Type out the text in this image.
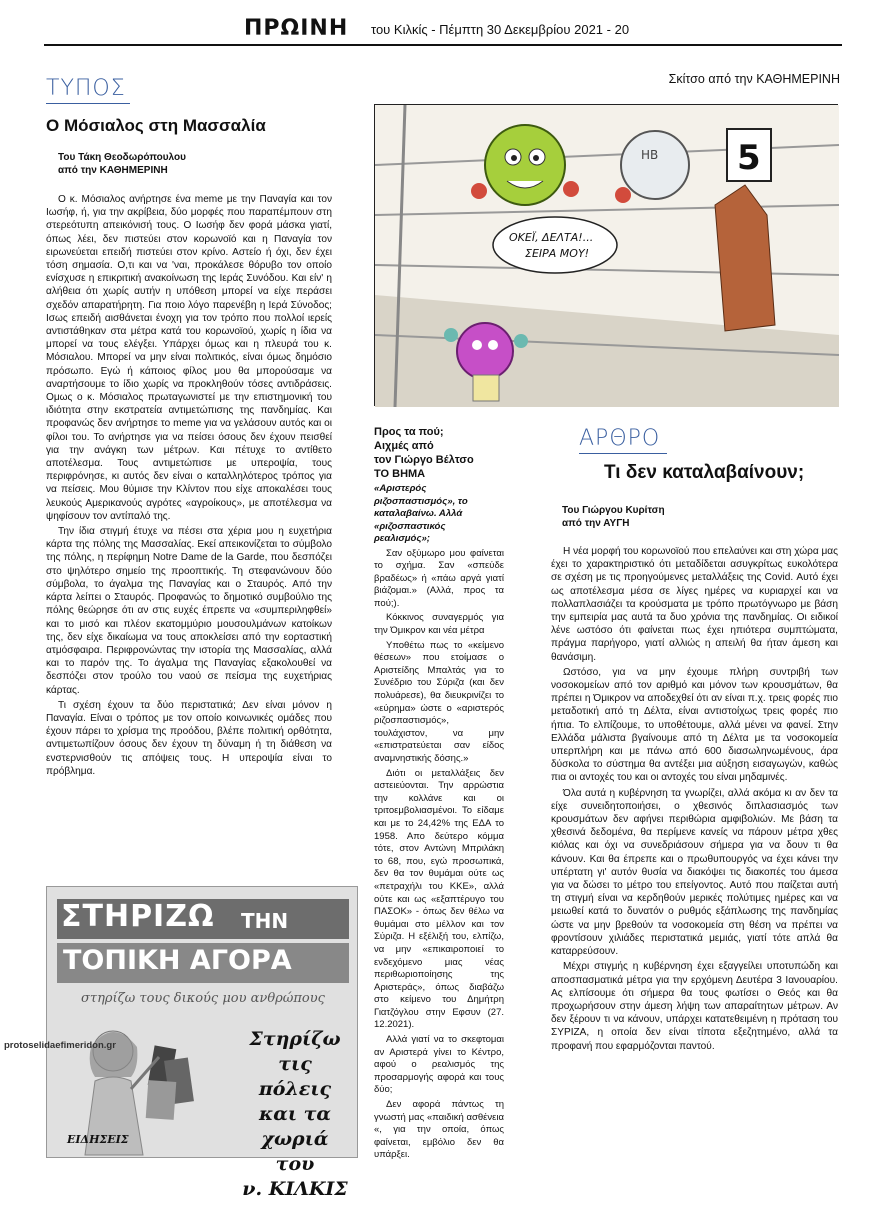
ΠΡΩΙΝΗ του Κιλκίς - Πέμπτη 30 Δεκεμβρίου 2021 - 20
ΤΥΠΟΣ
Ο Μόσιαλος στη Μασσαλία
Του Τάκη Θεοδωρόπουλου
από την ΚΑΘΗΜΕΡΙΝΗ

Ο κ. Μόσιαλος ανήρτησε ένα meme με την Παναγία και τον Ιωσήφ, ή, για την ακρίβεια, δύο μορφές που παραπέμπουν στη στερεότυπη απεικόνισή τους. Ο Ιωσήφ δεν φορά μάσκα γιατί, όπως λέει, δεν πιστεύει στον κορωνοϊό και η Παναγία τον ειρωνεύεται επειδή πιστεύει στον κρίνο. Αστείο ή όχι, δεν έχει τόση σημασία. Ο,τι και να 'ναι, προκάλεσε θόρυβο τον οποίο ενίσχυσε η επικριτική ανακοίνωση της Ιεράς Συνόδου. Και είν' η αλήθεια ότι χωρίς αυτήν η υπόθεση μπορεί να είχε περάσει σχεδόν απαρατήρητη. Για ποιο λόγο παρενέβη η Ιερά Σύνοδος; Ισως επειδή αισθάνεται ένοχη για τον τρόπο που πολλοί ιερείς αντιστάθηκαν στα μέτρα κατά του κορωνοϊού, χωρίς η ίδια να μπορεί να τους ελέγξει. Υπάρχει όμως και η πλευρά του κ. Μόσιαλου. Μπορεί να μην είναι πολιτικός, είναι όμως δημόσιο πρόσωπο. Εγώ ή κάποιος φίλος μου θα μπορούσαμε να αναρτήσουμε το ίδιο χωρίς να προκληθούν τόσες αντιδράσεις. Ομως ο κ. Μόσιαλος πρωταγωνιστεί με την επιστημονική του ιδιότητα στην εκστρατεία αντιμετώπισης της πανδημίας. Και προφανώς δεν ανήρτησε το meme για να γελάσουν αυτός και οι φίλοι του. Το ανήρτησε για να πείσει όσους δεν έχουν πεισθεί για την ανάγκη των μέτρων. Και πέτυχε το αντίθετο αποτέλεσμα. Τους αντιμετώπισε με υπεροψία, τους περιφρόνησε, κι αυτός δεν είναι ο καταλληλότερος τρόπος για να πείσεις. Μου θύμισε την Κλίντον που είχε αποκαλέσει τους λευκούς Αμερικανούς αγρότες «αγροίκους», με αποτέλεσμα να ψηφίσουν τον αντίπαλό της.

Την ίδια στιγμή έτυχε να πέσει στα χέρια μου η ευχετήρια κάρτα της πόλης της Μασσαλίας. Εκεί απεικονίζεται το σύμβολο της πόλης, η περίφημη Notre Dame de la Garde, που δεσπόζει στο ψηλότερο σημείο της προοπτικής. Τη στεφανώνουν δύο σύμβολα, το άγαλμα της Παναγίας και ο Σταυρός. Από την κάρτα λείπει ο Σταυρός. Προφανώς το δημοτικό συμβούλιο της πόλης θεώρησε ότι αν στις ευχές έπρεπε να «συμπεριληφθεί» και το μισό και πλέον εκατομμύριο μουσουλμάνων κατοίκων της, δεν είχε δικαίωμα να τους αποκλείσει από την εορταστική ατμόσφαιρα. Περιφρονώντας την ιστορία της Μασσαλίας, αλλά και το παρόν της. Το άγαλμα της Παναγίας εξακολουθεί να δεσπόζει στον τρούλο του ναού σε πείσμα της ευχετήριας κάρτας.

Τι σχέση έχουν τα δύο περιστατικά; Δεν είναι μόνον η Παναγία. Είναι ο τρόπος με τον οποίο κοινωνικές ομάδες που έχουν πάρει το χρίσμα της προόδου, βλέπε πολιτική ορθότητα, αντιμετωπίζουν όσους δεν έχουν τη δύναμη ή τη διάθεση να ενστερνισθούν τις απόψεις τους. Η υπεροψία είναι το πρόβλημα.

ΣΤΗΡΙΖΩ ΤΗΝ
ΤΟΠΙΚΗ ΑΓΟΡΑ
στηρίζω τους δικούς μου ανθρώπους
Στηρίζω
τις πόλεις
και τα
χωριά του
ν. ΚΙΛΚΙΣ
ΕΙΔΗΣΕΙΣ
protoselidaefimeridon.gr
Σκίτσο από την ΚΑΘΗΜΕΡΙΝΗ
HB 5
ΟΚΕΪ, ΔΕΛΤΑ!...
ΣΕΙΡΑ ΜΟΥ!
Προς τα πού;
Αιχμές από
τον Γιώργο Βέλτσο
ΤΟ ΒΗΜΑ
«Αριστερός ριζοσπαστισμός», το καταλαβαίνω. Αλλά «ριζοσπαστικός ρεαλισμός»;

Σαν οξύμωρο μου φαίνεται το σχήμα. Σαν «σπεύδε βραδέως» ή «πάω αργά γιατί βιάζομαι.» (Αλλά, προς τα πού;).

Κόκκινος συναγερμός για την Όμικρον και νέα μέτρα

Υποθέτω πως το «κείμενο θέσεων» που ετοίμασε ο Αριστείδης Μπαλτάς για το Συνέδριο του Σύριζα (και δεν πολυάρεσε), θα διευκρινίζει το «εύρημα» ώστε ο «αριστερός ριζοσπαστισμός», τουλάχιστον, να μην «επιστρατεύεται σαν είδος αναμνηστικής δόσης.»

Διότι οι μεταλλάξεις δεν αστειεύονται. Την αρρώστια την κολλάνε και οι τριτοεμβολιασμένοι. Το είδαμε και με το 24,42% της ΕΔΑ το 1958. Απο δεύτερο κόμμα τότε, στον Αντώνη Μπριλάκη το 68, που, εγώ προσωπικά, δεν θα τον θυμάμαι ούτε ως «πετραχήλι του ΚΚΕ», αλλά ούτε και ως «εξαπτέρυγο του ΠΑΣΟΚ» - όπως δεν θέλω να θυμάμαι στο μέλλον και τον Σύριζα. Η εξέλιξή του, ελπίζω, να μην «επικαιροποιεί το ενδεχόμενο μιας νέας περιθωριοποίησης της Αριστεράς», όπως διαβάζω στο κείμενο του Δημήτρη Γιατζόγλου στην Εφσυν (27. 12.2021).

Αλλά γιατί να το σκεφτομαι αν Αριστερά γίνει το Κέντρο, αφού ο ρεαλισμός της προσαρμογής αφορά και τους δύο;

Δεν αφορά πάντως τη γνωστή μας «παιδική ασθένεια «, για την οποία, όπως φαίνεται, εμβόλιο δεν θα υπάρξει.

ΑΡΘΡΟ
Τι δεν καταλαβαίνουν;
Του Γιώργου Κυρίτση
από την ΑΥΓΗ

Η νέα μορφή του κορωνοϊού που επελαύνει και στη χώρα μας έχει το χαρακτηριστικό ότι μεταδίδεται ασυγκρίτως ευκολότερα σε σχέση με τις προηγούμενες μεταλλάξεις της Covid. Αυτό έχει ως αποτέλεσμα μέσα σε λίγες ημέρες να κυριαρχεί και να πολλαπλασιάζει τα κρούσματα με τρόπο πρωτόγνωρο με βάση την εμπειρία μας αυτά τα δυο χρόνια της πανδημίας. Οι ειδικοί λένε ωστόσο ότι φαίνεται πως έχει ηπιότερα συμπτώματα, πράγμα παρήγορο, γιατί αλλιώς η απειλή θα ήταν άμεση και θανάσιμη.

Ωστόσο, για να μην έχουμε πλήρη συντριβή των νοσοκομείων από τον αριθμό και μόνον των κρουσμάτων, θα πρέπει η Όμικρον να αποδεχθεί ότι αν είναι π.χ. τρεις φορές πιο μεταδοτική από τη Δέλτα, είναι αντιστοίχως τρεις φορές πιο ήπια. Το ελπίζουμε, το υποθέτουμε, αλλά μένει να φανεί. Στην Ελλάδα μάλιστα βγαίνουμε από τη Δέλτα με τα νοσοκομεία υπερπλήρη και με πάνω από 600 διασωληνωμένους, άρα δύσκολα το σύστημα θα αντέξει μια αύξηση εισαγωγών, καθώς πια οι αντοχές του και οι αντοχές του είναι μηδαμινές.

Όλα αυτά η κυβέρνηση τα γνωρίζει, αλλά ακόμα κι αν δεν τα είχε συνειδητοποιήσει, ο χθεσινός διπλασιασμός των κρουσμάτων δεν αφήνει περιθώρια αμφιβολιών. Με βάση τα χθεσινά δεδομένα, θα περίμενε κανείς να πάρουν μέτρα χθες κιόλας και όχι να συνεδριάσουν σήμερα για να δουν τι θα κάνουν. Και θα έπρεπε και ο πρωθυπουργός να έχει κάνει την υπέρτατη γι' αυτόν θυσία να διακόψει τις διακοπές του άμεσα για να δώσει το μέτρο του επείγοντος. Αυτό που παίζεται αυτή τη στιγμή είναι να κερδηθούν μερικές πολύτιμες ημέρες και να μειωθεί κατά το δυνατόν ο ρυθμός εξάπλωσης της πανδημίας ώστε να μην βρεθούν τα νοσοκομεία στη θέση να πρέπει να φροντίσουν χιλιάδες περιστατικά μεμιάς, γιατί τότε απλά θα καταρρεύσουν.

Μέχρι στιγμής η κυβέρνηση έχει εξαγγείλει υποτυπώδη και αποσπασματικά μέτρα για την ερχόμενη Δευτέρα 3 Ιανουαρίου. Ας ελπίσουμε ότι σήμερα θα τους φωτίσει ο Θεός και θα προχωρήσουν στην άμεση λήψη των απαραίτητων μέτρων. Αν δεν ξέρουν τι να κάνουν, υπάρχει κατατεθειμένη η πρόταση του ΣΥΡΙΖΑ, η οποία δεν είναι τίποτα εξεζητημένο, αλλά τα προφανή που εφαρμόζονται παντού.
